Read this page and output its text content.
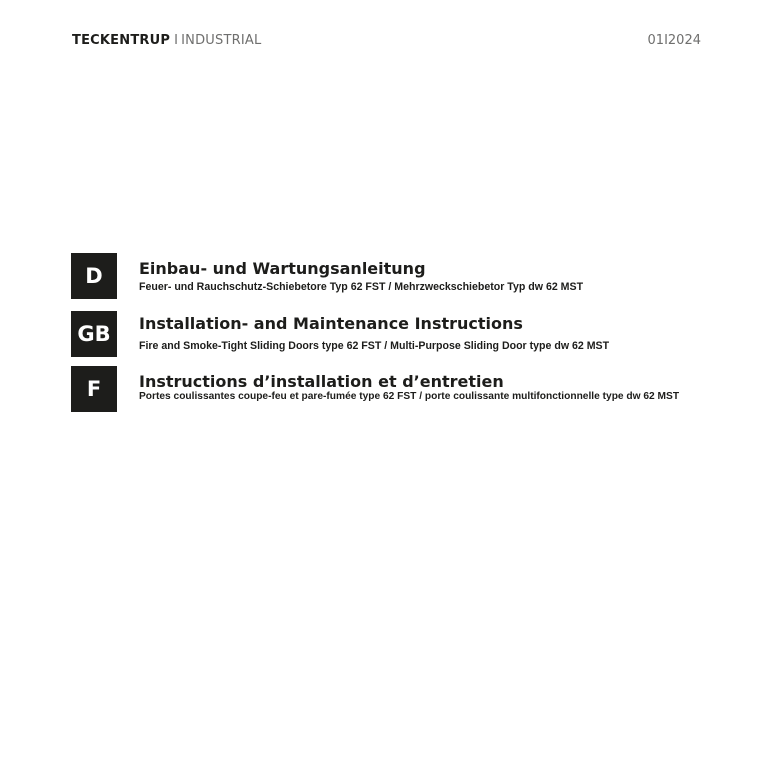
TECKENTRUP I INDUSTRIAL	01I2024
D	Einbau- und Wartungsanleitung
Feuer- und Rauchschutz-Schiebetore Typ 62 FST / Mehrzweckschiebetor Typ dw 62 MST
GB	Installation- and Maintenance Instructions
Fire and Smoke-Tight Sliding Doors type 62 FST / Multi-Purpose Sliding Door type dw 62 MST
F	Instructions d’installation et d’entretien
Portes coulissantes coupe-feu et pare-fumée type 62 FST / porte coulissante multifonctionnelle type dw 62 MST
